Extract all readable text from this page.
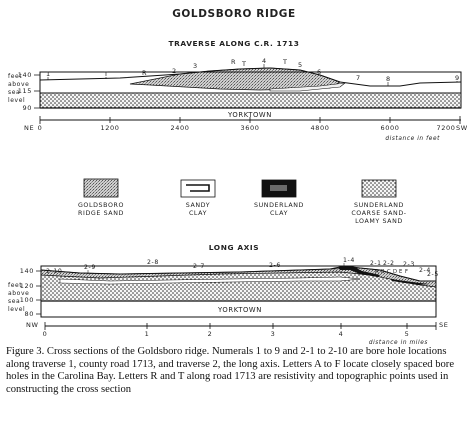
GOLDSBORO RIDGE
TRAVERSE ALONG C.R. 1713
feet
above
sea
level
140
115
90
1	T	R	2
3	R T 4	T 5
6
7	8	9
YORKTOWN
NE 0	1200	2400	3600	4800	6000	7200 SW
distance in feet
GOLDSBORO
RIDGE SAND
SANDY
CLAY
SUNDERLAND
CLAY
SUNDERLAND
COARSE SAND-
LOAMY SAND
LONG AXIS
feet
above
sea
level
140
120
100
80
2-10
2-9
2-8
2-7	2-6
1-4	2-1 2-2
A B C D E F
2-3
2-4
2-5
YORKTOWN
NW
0	1	2	3	4	5
SE
distance in miles

Figure 3. Cross sections of the Goldsboro ridge. Numerals 1 to 9 and 2-1 to 2-10 are bore hole locations along traverse 1, county road 1713, and traverse 2, the long axis. Letters A to F locate closely spaced bore holes in the Carolina Bay. Letters R and T along road 1713 are resistivity and topographic points used in constructing the cross section
